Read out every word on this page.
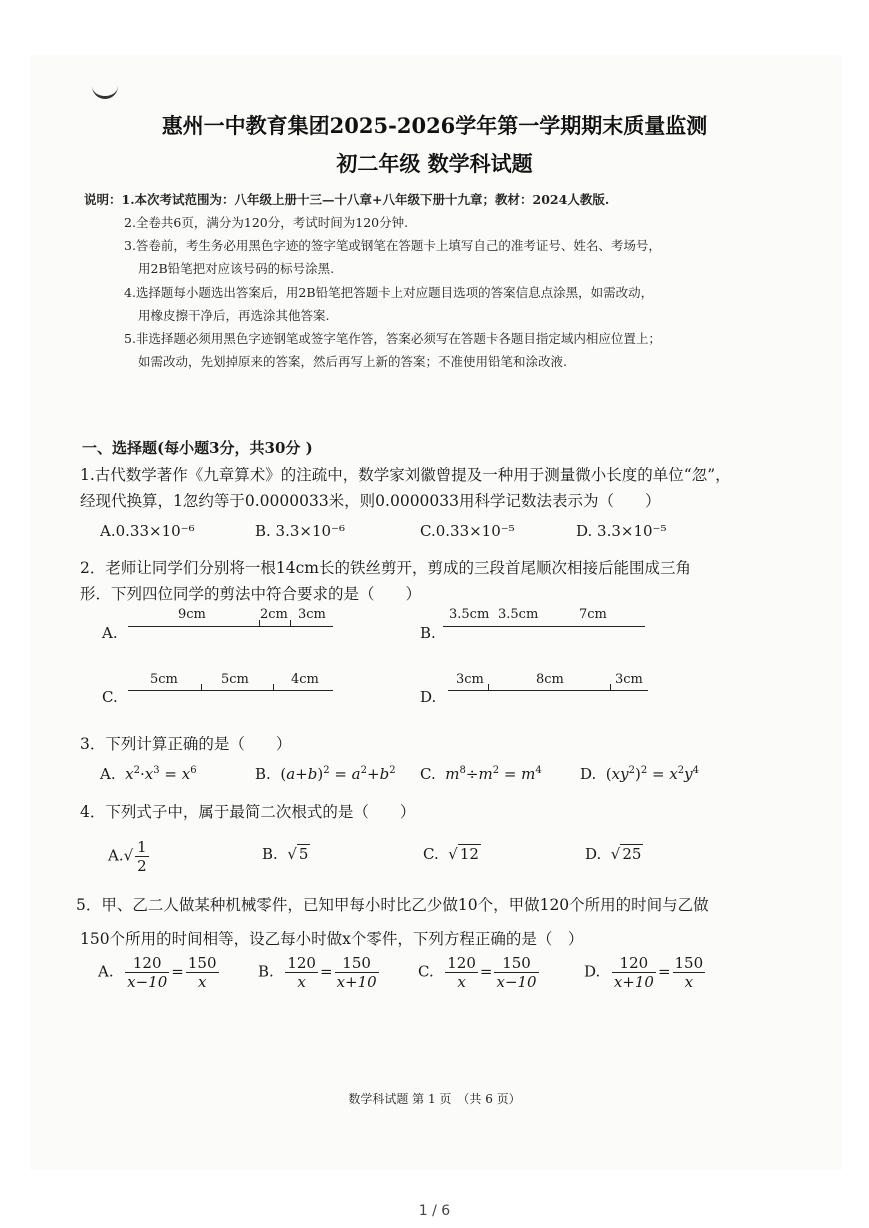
惠州一中教育集团2025-2026学年第一学期期末质量监测
初二年级 数学科试题
说明：1.本次考试范围为：八年级上册十三—十八章+八年级下册十九章；教材：2024人教版.
2.全卷共6页，满分为120分，考试时间为120分钟.
3.答卷前，考生务必用黑色字迹的签字笔或钢笔在答题卡上填写自己的准考证号、姓名、考场号，
用2B铅笔把对应该号码的标号涂黑.
4.选择题每小题选出答案后，用2B铅笔把答题卡上对应题目选项的答案信息点涂黑，如需改动，
用橡皮擦干净后，再选涂其他答案.
5.非选择题必须用黑色字迹钢笔或签字笔作答，答案必须写在答题卡各题目指定域内相应位置上；
如需改动，先划掉原来的答案，然后再写上新的答案；不准使用铅笔和涂改液.
一、选择题(每小题3分，共30分 )
1.古代数学著作《九章算术》的注疏中，数学家刘徽曾提及一种用于测量微小长度的单位“忽”，
经现代换算，1忽约等于0.0000033米，则0.0000033用科学记数法表示为（　　）
A.0.33×10⁻⁶	B. 3.3×10⁻⁶	C.0.33×10⁻⁵	D. 3.3×10⁻⁵
2．老师让同学们分别将一根14cm长的铁丝剪开，剪成的三段首尾顺次相接后能围成三角
形．下列四位同学的剪法中符合要求的是（　　）
A.
9cm	2cm 3cm
B.
3.5cm 3.5cm	7cm
C.
5cm	5cm	4cm
D.
3cm	8cm	3cm
3．下列计算正确的是（　　）
A. $x^2\cdot x^3 = x^6$	B.  $(a+b)^2 = a^2+b^2$ C. $m^8\div m^2 = m^4$	D.  $(xy^2)^2 = x^2y^4$
4．下列式子中，属于最简二次根式的是（　　）
$A.√ \frac{1}{2}$	B.  √ 5	C.  √ 12	D.  √ 25
5．甲、乙二人做某种机械零件，已知甲每小时比乙少做10个，甲做120个所用的时间与乙做
150个所用的时间相等，设乙每小时做x个零件，下列方程正确的是（　）
A. $\frac{120}{x-10} = \frac{150}{x}$	B. $\frac{120}{x} = \frac{150}{x+10}$	C. $\frac{120}{x} = \frac{150}{x-10}$	D. $\frac{120}{x+10} = \frac{150}{x}$
数学科试题 第 1 页　（共 6 页）
1 / 6
